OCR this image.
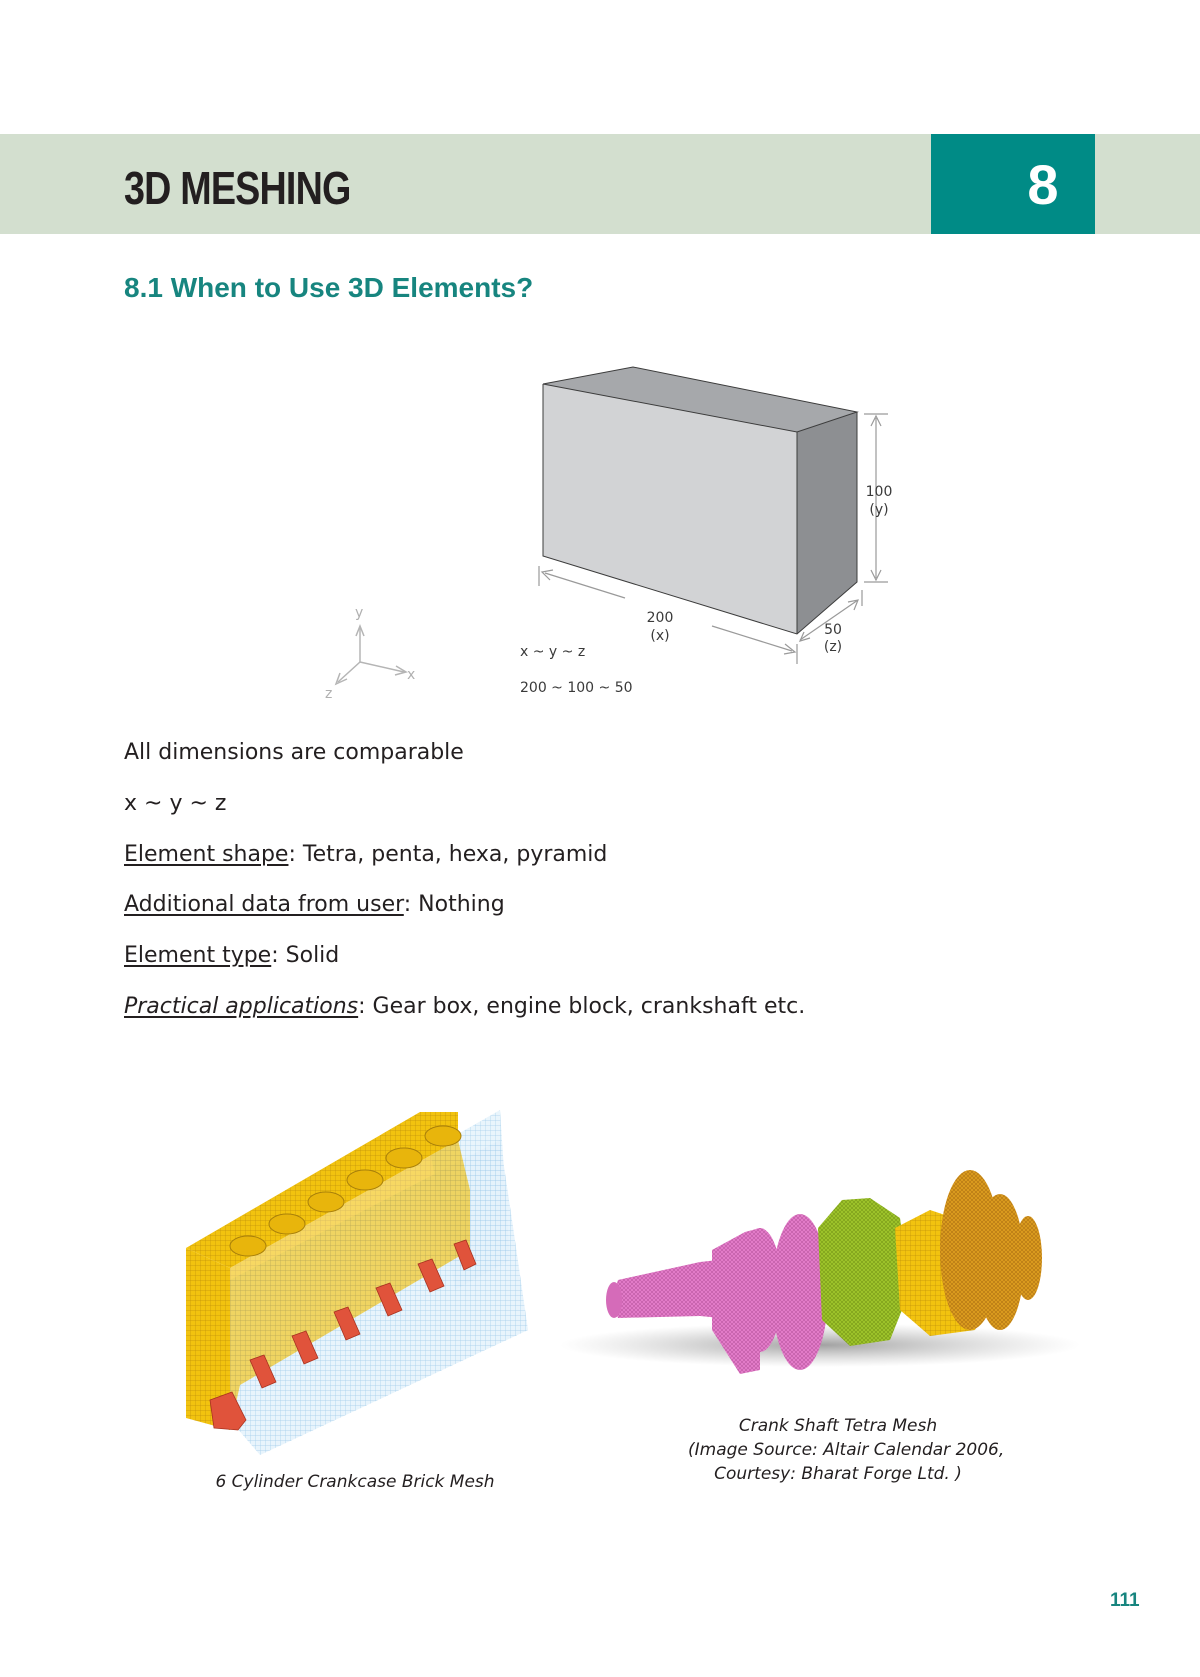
3D MESHING	8
8.1 When to Use 3D Elements?
100
(y)
200
(x)	50
(z)
x ~ y ~ z
200 ~ 100 ~ 50
y
x
z

All dimensions are comparable

x ~ y ~ z

Element shape: Tetra, penta, hexa, pyramid

Additional data from user: Nothing

Element type: Solid

Practical applications: Gear box, engine block, crankshaft etc.

6 Cylinder Crankcase Brick Mesh

Crank Shaft Tetra Mesh

(Image Source: Altair Calendar 2006,

Courtesy: Bharat Forge Ltd. )

111
